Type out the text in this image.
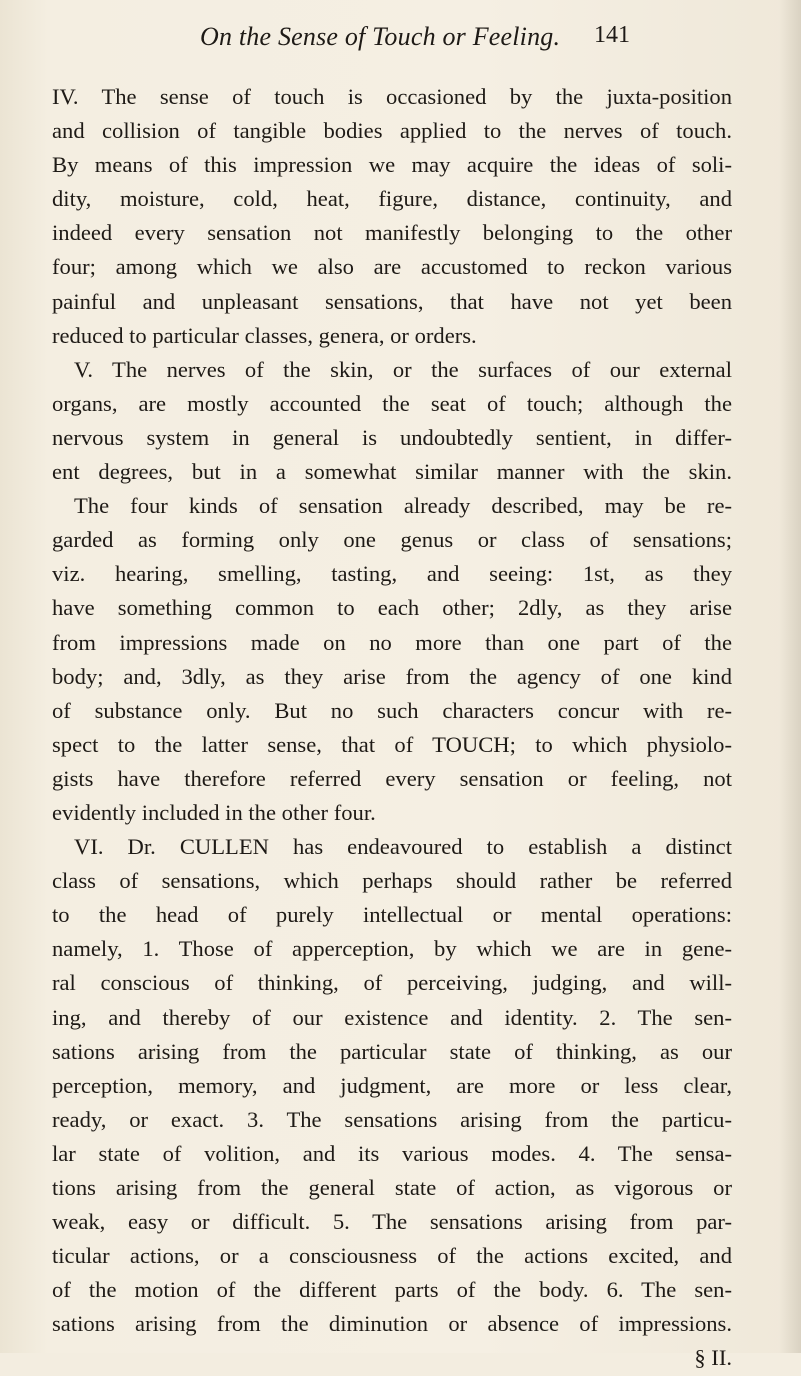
On the Sense of Touch or Feeling. 141
IV. The sense of touch is occasioned by the juxta-position
and collision of tangible bodies applied to the nerves of touch.
By means of this impression we may acquire the ideas of soli-
dity, moisture, cold, heat, figure, distance, continuity, and
indeed every sensation not manifestly belonging to the other
four; among which we also are accustomed to reckon various
painful and unpleasant sensations, that have not yet been
reduced to particular classes, genera, or orders.
V. The nerves of the skin, or the surfaces of our external
organs, are mostly accounted the seat of touch; although the
nervous system in general is undoubtedly sentient, in differ-
ent degrees, but in a somewhat similar manner with the skin.
The four kinds of sensation already described, may be re-
garded as forming only one genus or class of sensations;
viz. hearing, smelling, tasting, and seeing: 1st, as they
have something common to each other; 2dly, as they arise
from impressions made on no more than one part of the
body; and, 3dly, as they arise from the agency of one kind
of substance only. But no such characters concur with re-
spect to the latter sense, that of TOUCH; to which physiolo-
gists have therefore referred every sensation or feeling, not
evidently included in the other four.
VI. Dr. CULLEN has endeavoured to establish a distinct
class of sensations, which perhaps should rather be referred
to the head of purely intellectual or mental operations:
namely, 1. Those of apperception, by which we are in gene-
ral conscious of thinking, of perceiving, judging, and will-
ing, and thereby of our existence and identity. 2. The sen-
sations arising from the particular state of thinking, as our
perception, memory, and judgment, are more or less clear,
ready, or exact. 3. The sensations arising from the particu-
lar state of volition, and its various modes. 4. The sensa-
tions arising from the general state of action, as vigorous or
weak, easy or difficult. 5. The sensations arising from par-
ticular actions, or a consciousness of the actions excited, and
of the motion of the different parts of the body. 6. The sen-
sations arising from the diminution or absence of impressions.
§ II.
